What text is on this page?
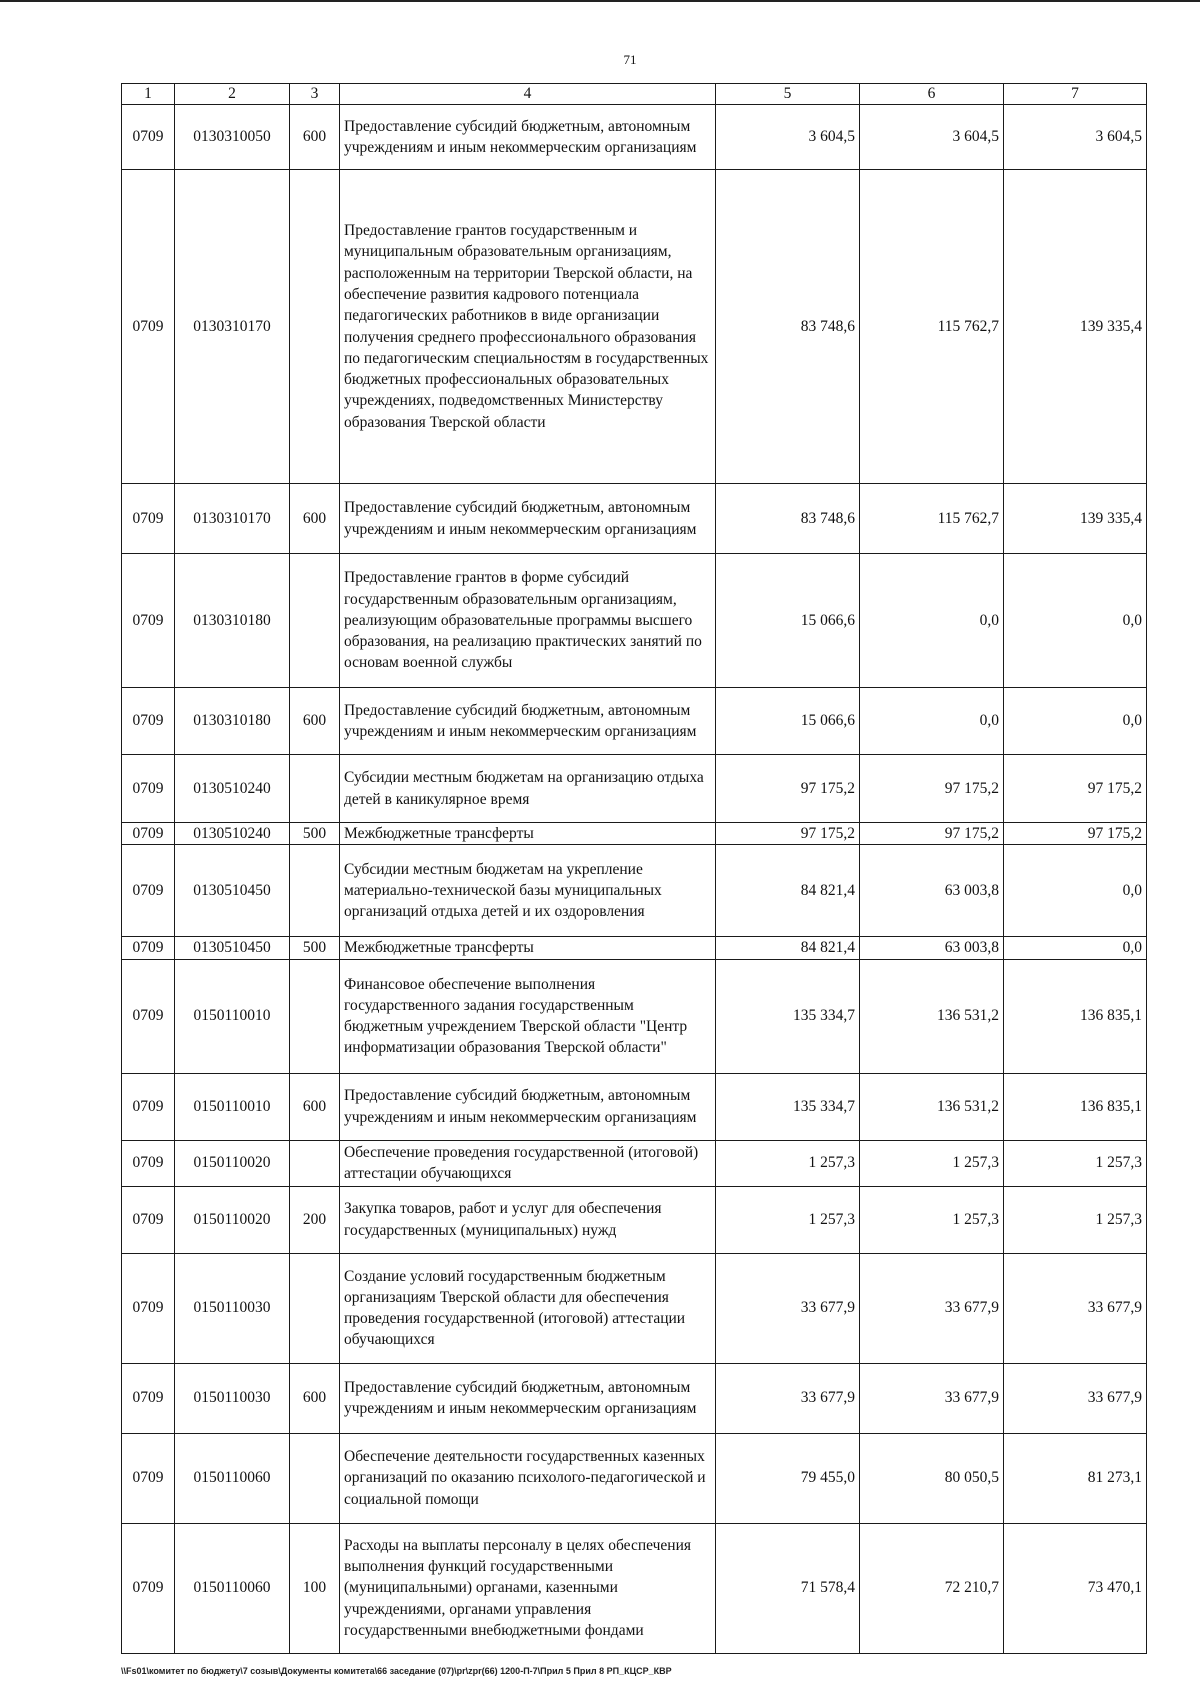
71
1	2	3	4	5	6	7
0709	0130310050	600	Предоставление субсидий бюджетным, автономным учреждениям и иным некоммерческим организациям	3 604,5	3 604,5	3 604,5
0709	0130310170		Предоставление грантов государственным и муниципальным образовательным организациям, расположенным на территории Тверской области, на обеспечение развития кадрового потенциала педагогических работников в виде организации получения среднего профессионального образования по педагогическим специальностям в государственных бюджетных профессиональных образовательных учреждениях, подведомственных Министерству образования Тверской области	83 748,6	115 762,7	139 335,4
0709	0130310170	600	Предоставление субсидий бюджетным, автономным учреждениям и иным некоммерческим организациям	83 748,6	115 762,7	139 335,4
0709	0130310180		Предоставление грантов в форме субсидий государственным образовательным организациям, реализующим образовательные программы высшего образования, на реализацию практических занятий по основам военной службы	15 066,6	0,0	0,0
0709	0130310180	600	Предоставление субсидий бюджетным, автономным учреждениям и иным некоммерческим организациям	15 066,6	0,0	0,0
0709	0130510240		Субсидии местным бюджетам на организацию отдыха детей в каникулярное время	97 175,2	97 175,2	97 175,2
0709	0130510240	500	Межбюджетные трансферты	97 175,2	97 175,2	97 175,2
0709	0130510450		Субсидии местным бюджетам на укрепление материально-технической базы муниципальных организаций отдыха детей и их оздоровления	84 821,4	63 003,8	0,0
0709	0130510450	500	Межбюджетные трансферты	84 821,4	63 003,8	0,0
0709	0150110010		Финансовое обеспечение выполнения государственного задания государственным бюджетным учреждением Тверской области "Центр информатизации образования Тверской области"	135 334,7	136 531,2	136 835,1
0709	0150110010	600	Предоставление субсидий бюджетным, автономным учреждениям и иным некоммерческим организациям	135 334,7	136 531,2	136 835,1
0709	0150110020		Обеспечение проведения государственной (итоговой) аттестации обучающихся	1 257,3	1 257,3	1 257,3
0709	0150110020	200	Закупка товаров, работ и услуг для обеспечения государственных (муниципальных) нужд	1 257,3	1 257,3	1 257,3
0709	0150110030		Создание условий государственным бюджетным организациям Тверской области для обеспечения проведения государственной (итоговой) аттестации обучающихся	33 677,9	33 677,9	33 677,9
0709	0150110030	600	Предоставление субсидий бюджетным, автономным учреждениям и иным некоммерческим организациям	33 677,9	33 677,9	33 677,9
0709	0150110060		Обеспечение деятельности государственных казенных организаций по оказанию психолого-педагогической и социальной помощи	79 455,0	80 050,5	81 273,1
0709	0150110060	100	Расходы на выплаты персоналу в целях обеспечения выполнения функций государственными (муниципальными) органами, казенными учреждениями, органами управления государственными внебюджетными фондами	71 578,4	72 210,7	73 470,1
\\Fs01\комитет по бюджету\7 созыв\Документы комитета\66 заседание (07)\pr\zpr(66) 1200-П-7\Прил 5 Прил 8 РП_КЦСР_КВР
